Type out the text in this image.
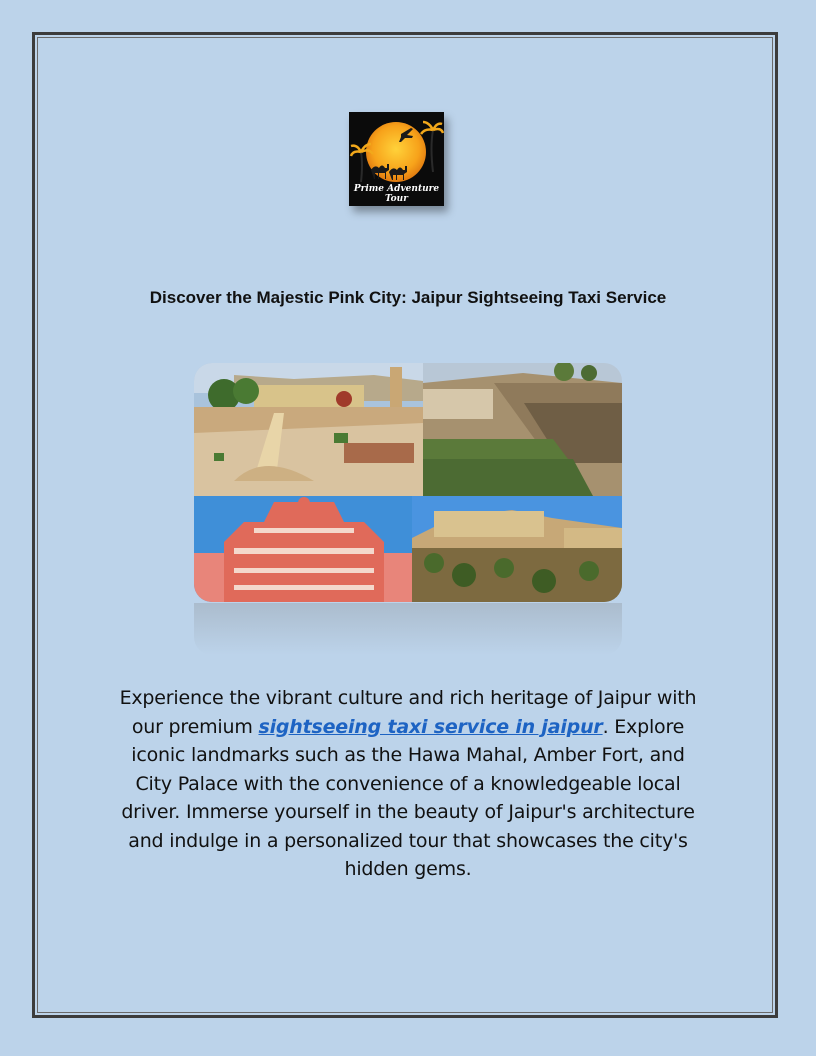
Prime Adventure Tour
Discover the Majestic Pink City: Jaipur Sightseeing Taxi Service
Experience the vibrant culture and rich heritage of Jaipur with our premium sightseeing taxi service in jaipur. Explore iconic landmarks such as the Hawa Mahal, Amber Fort, and City Palace with the convenience of a knowledgeable local driver. Immerse yourself in the beauty of Jaipur's architecture and indulge in a personalized tour that showcases the city's hidden gems.
